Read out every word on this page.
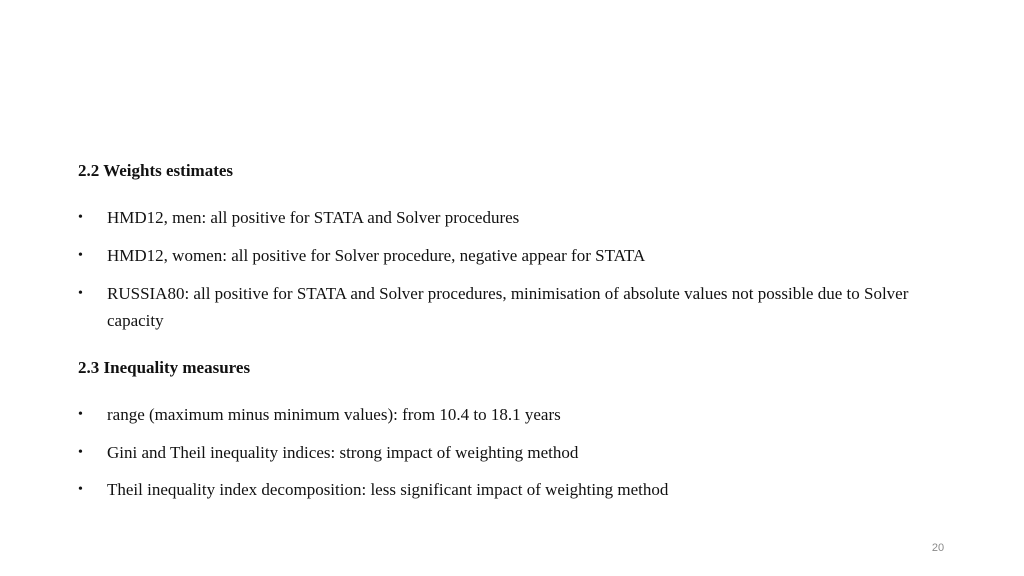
2.2 Weights estimates
•	HMD12, men: all positive for STATA and Solver procedures
•	HMD12, women: all positive for Solver procedure, negative appear for STATA
•	RUSSIA80: all positive for STATA and Solver procedures, minimisation of absolute values not possible due to Solver capacity
2.3 Inequality measures
•	range (maximum minus minimum values): from 10.4 to 18.1 years
•	Gini and Theil inequality indices: strong impact of weighting method
•	Theil inequality index decomposition: less significant impact of weighting method
20
